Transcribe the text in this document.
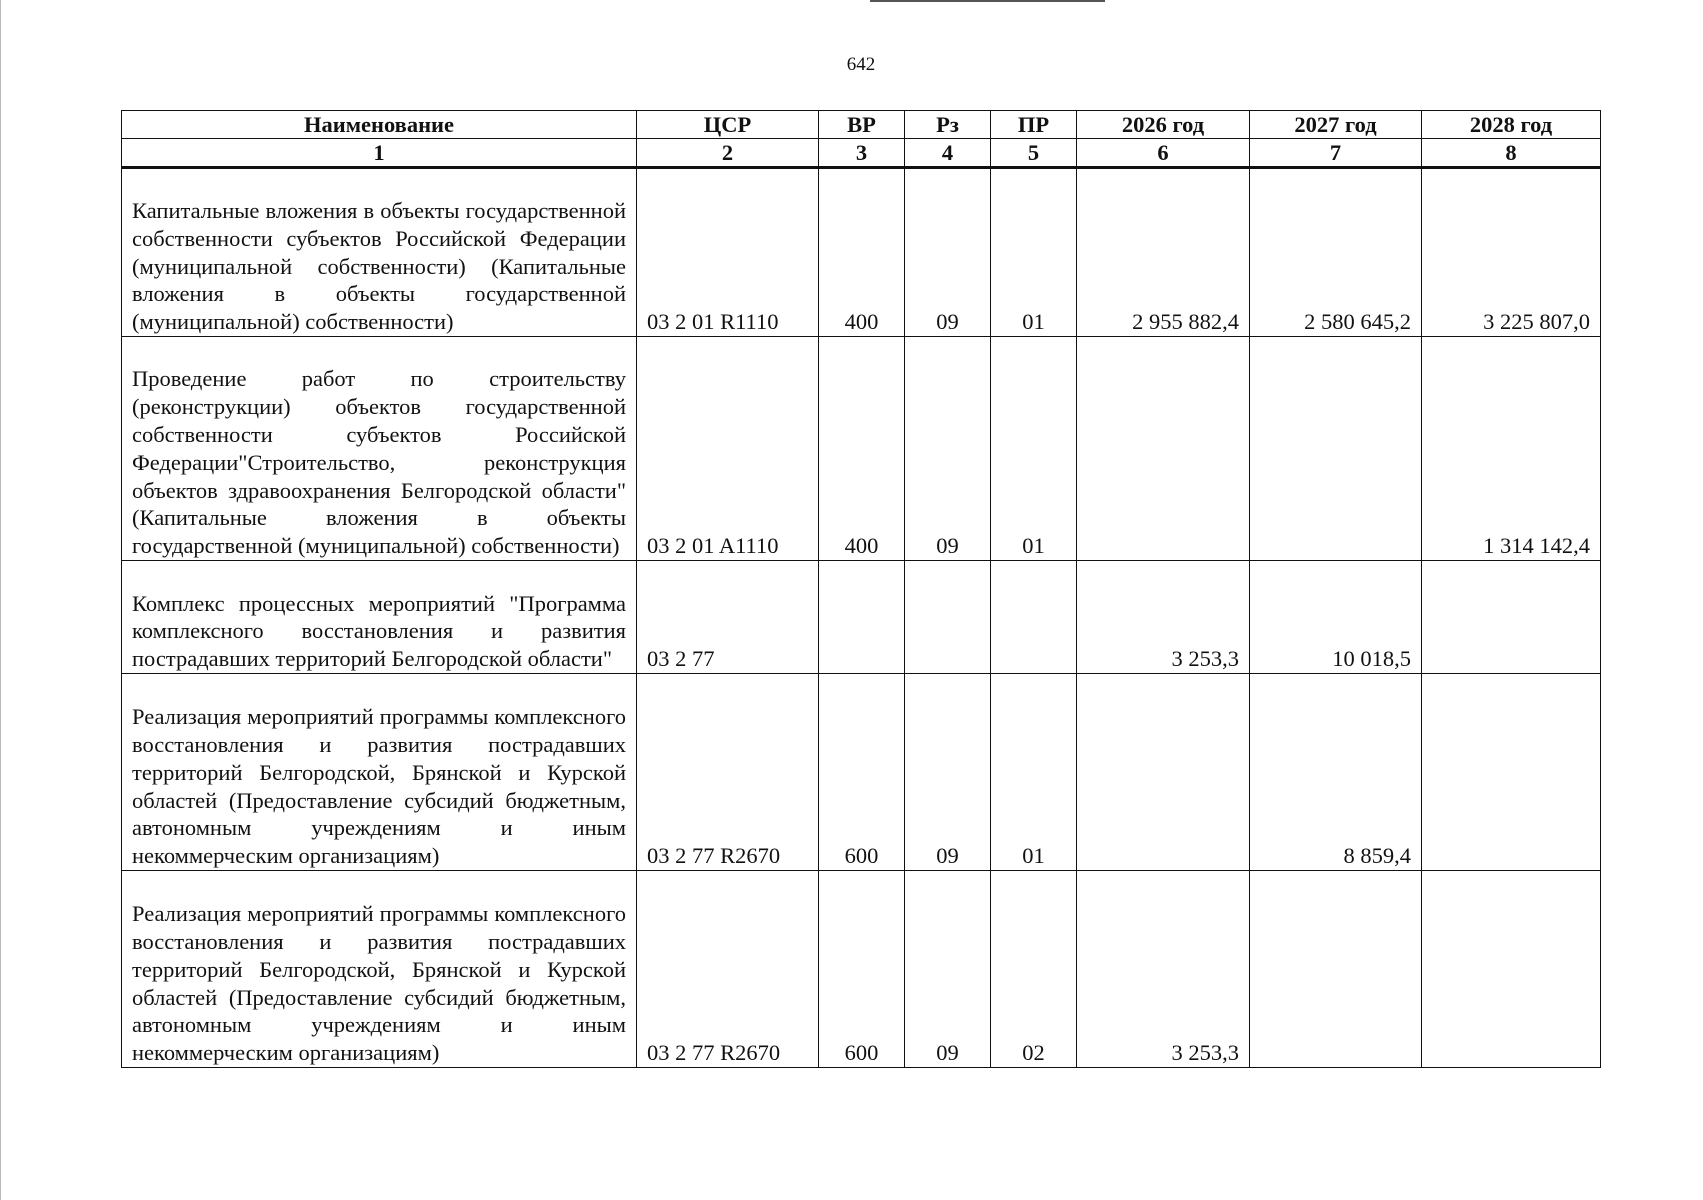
642
Наименование	ЦСР	ВР	Рз	ПР	2026 год	2027 год	2028 год
1	2	3	4	5	6	7	8
Капитальные вложения в объекты государственной собственности субъектов Российской Федерации (муниципальной собственности) (Капитальные вложения в объекты государственной (муниципальной) собственности)	03 2 01 R1110	400	09	01	2 955 882,4	2 580 645,2	3 225 807,0
Проведение работ по строительству (реконструкции) объектов государственной собственности субъектов Российской Федерации"Строительство, реконструкция объектов здравоохранения Белгородской области" (Капитальные вложения в объекты государственной (муниципальной) собственности)	03 2 01 A1110	400	09	01			1 314 142,4
Комплекс процессных мероприятий "Программа комплексного восстановления и развития пострадавших территорий Белгородской области"	03 2 77				3 253,3	10 018,5	
Реализация мероприятий программы комплексного восстановления и развития пострадавших территорий Белгородской, Брянской и Курской областей (Предоставление субсидий бюджетным, автономным учреждениям и иным некоммерческим организациям)	03 2 77 R2670	600	09	01		8 859,4	
Реализация мероприятий программы комплексного восстановления и развития пострадавших территорий Белгородской, Брянской и Курской областей (Предоставление субсидий бюджетным, автономным учреждениям и иным некоммерческим организациям)	03 2 77 R2670	600	09	02	3 253,3		
